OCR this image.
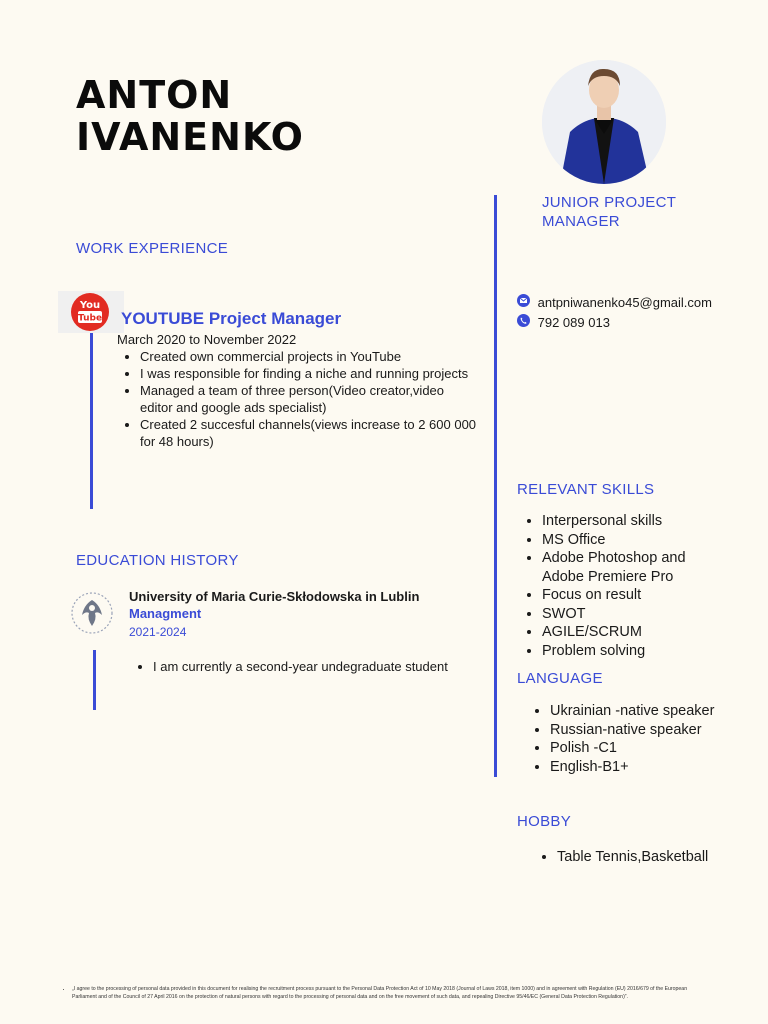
ANTON
IVANENKO
JUNIOR PROJECT MANAGER
WORK EXPERIENCE
You
Tube YOUTUBE Project Manager
March 2020 to November 2022
• Created own commercial projects in YouTube
• I was responsible for finding a niche and running projects
• Managed a team of three person(Video creator,video editor and google ads specialist)
• Created 2 succesful channels(views increase to 2 600 000 for 48 hours)
EDUCATION HISTORY
University of Maria Curie-Skłodowska in Lublin
Managment
2021-2024
• I am currently a second-year undegraduate student
antpniwanenko45@gmail.com
792 089 013
RELEVANT SKILLS
• Interpersonal skills
• MS Office
• Adobe Photoshop and Adobe Premiere Pro
• Focus on result
• SWOT
• AGILE/SCRUM
• Problem solving
LANGUAGE
• Ukrainian -native speaker
• Russian-native speaker
• Polish -C1
• English-B1+
HOBBY
• Table Tennis,Basketball
• „I agree to the processing of personal data provided in this document for realising the recruitment process pursuant to the Personal Data Protection Act of 10 May 2018 (Journal of Laws 2018, item 1000) and in agreement with Regulation (EU) 2016/679 of the European Parliament and of the Council of 27 April 2016 on the protection of natural persons with regard to the processing of personal data and on the free movement of such data, and repealing Directive 95/46/EC (General Data Protection Regulation)”.
